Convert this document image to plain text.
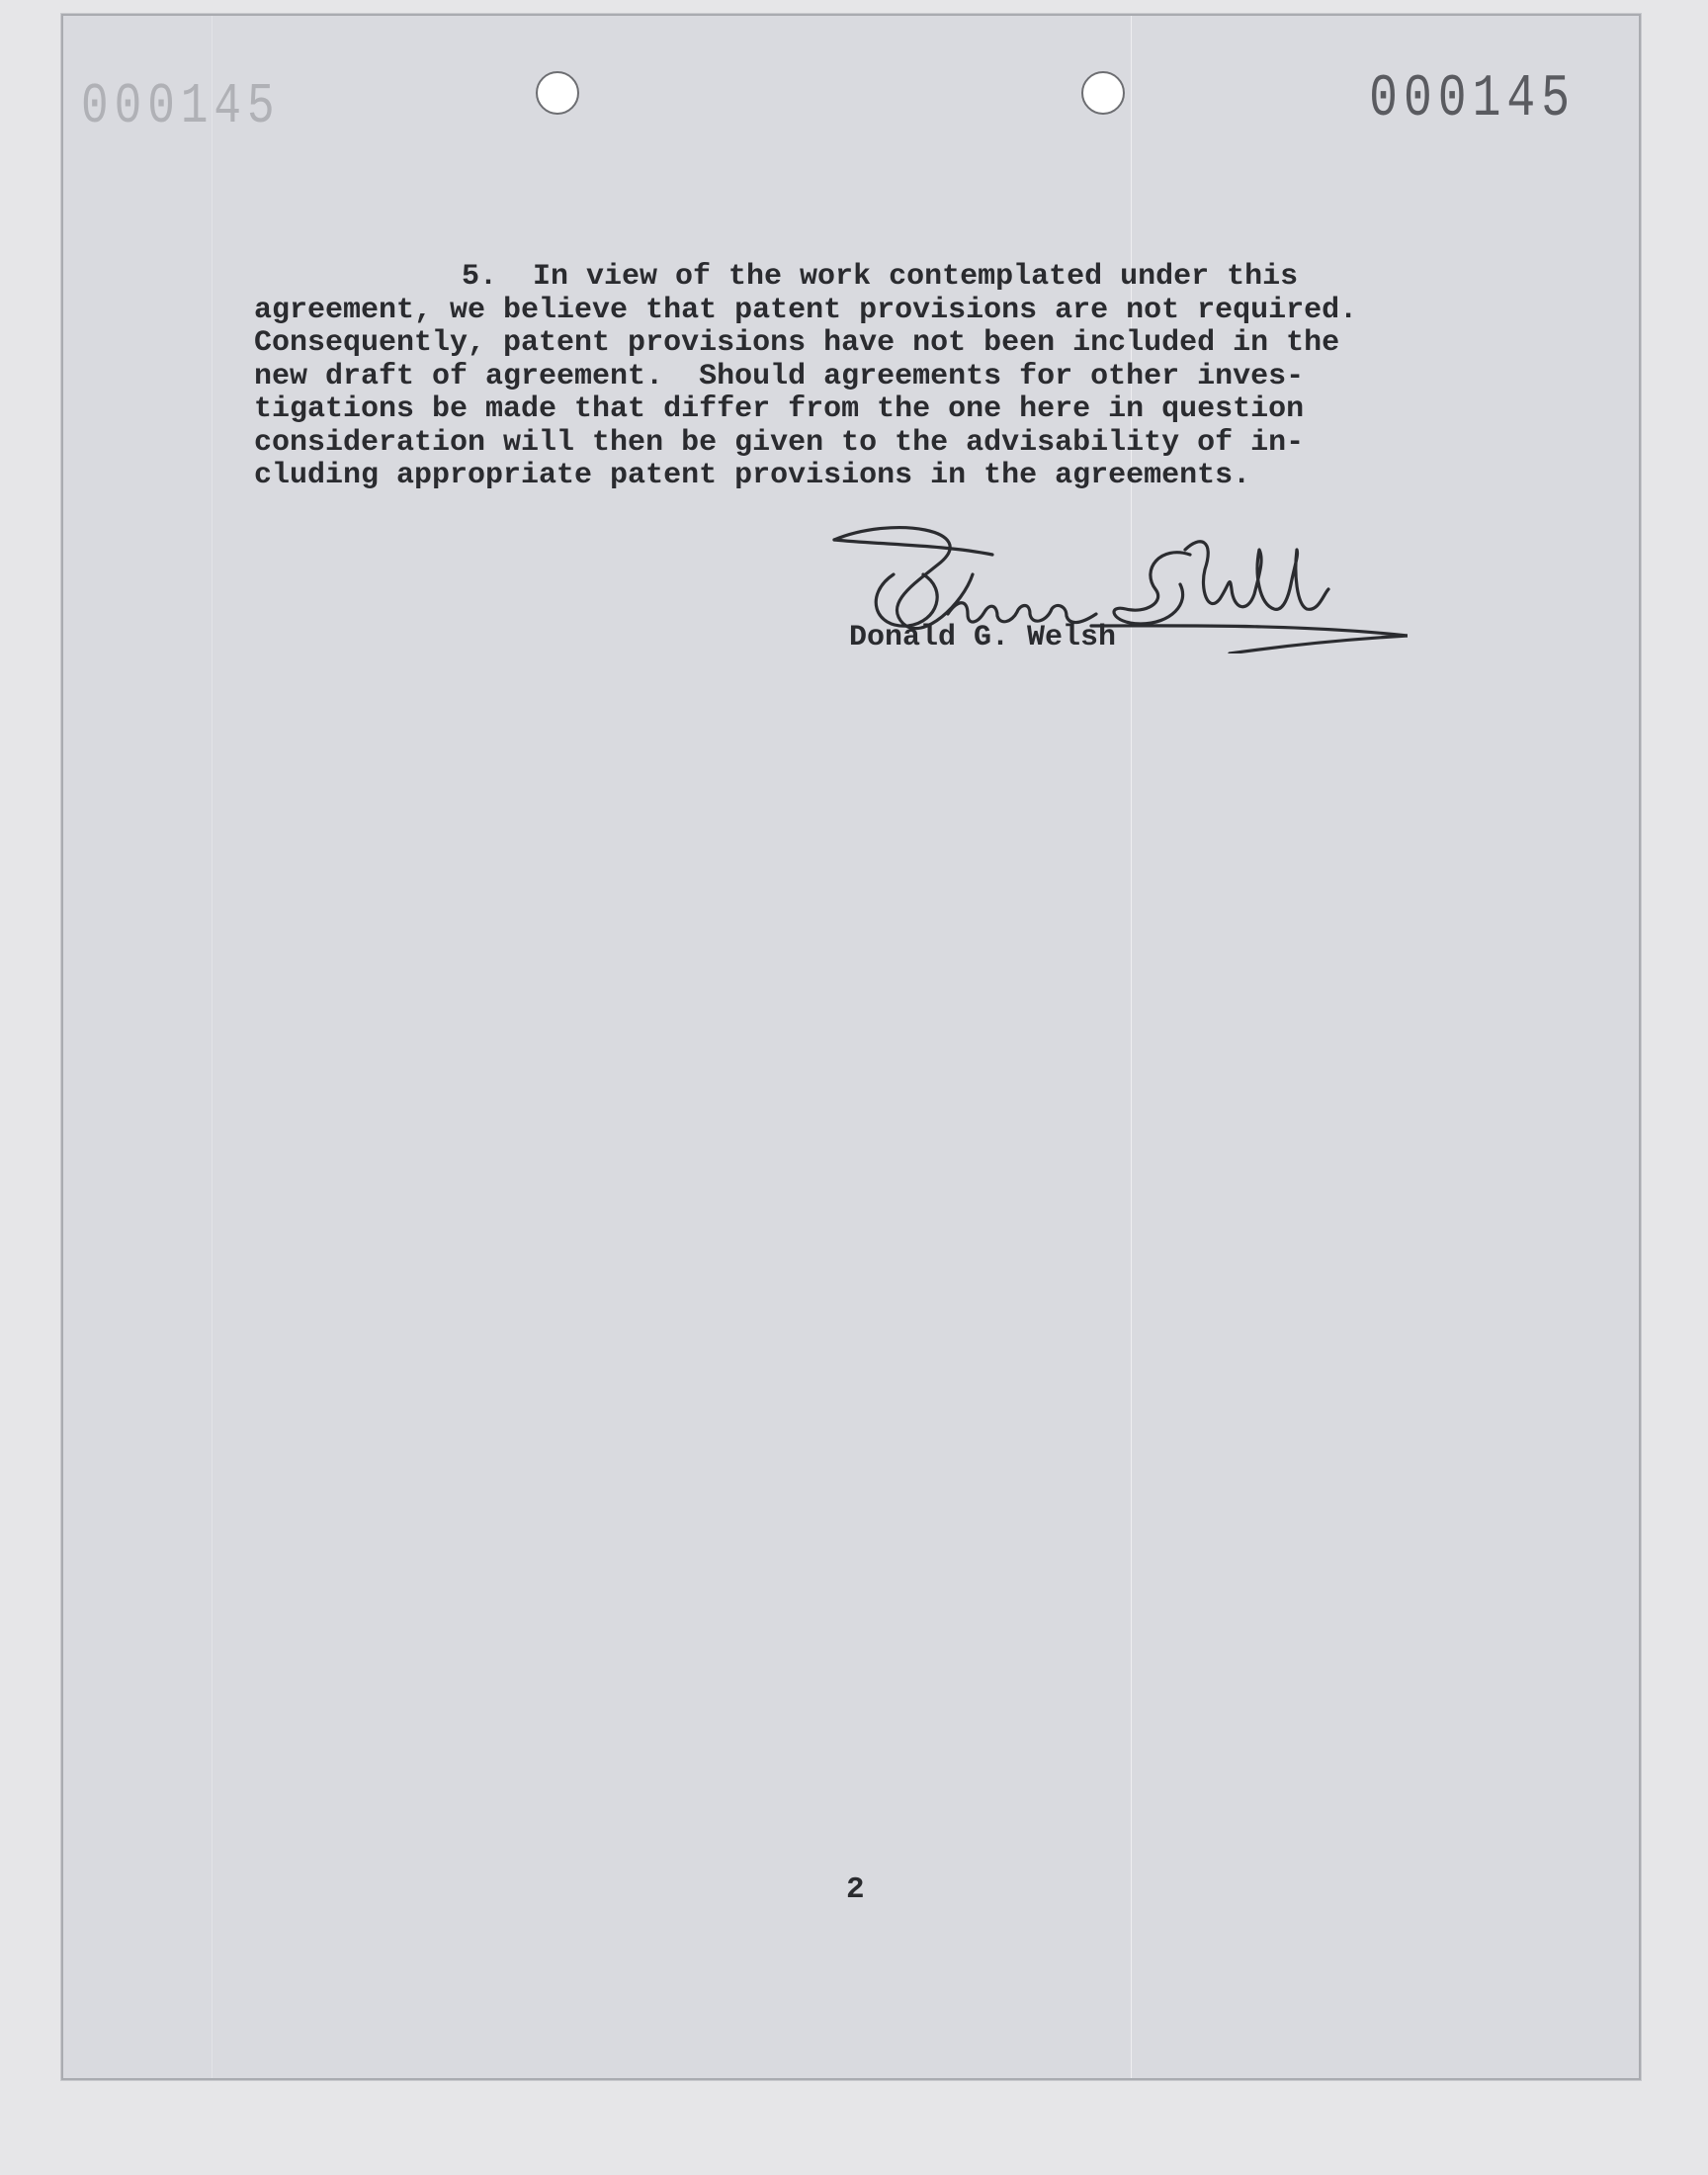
000145	000145
5.  In view of the work contemplated under this
agreement, we believe that patent provisions are not required.
Consequently, patent provisions have not been included in the
new draft of agreement.  Should agreements for other inves-
tigations be made that differ from the one here in question
consideration will then be given to the advisability of in-
cluding appropriate patent provisions in the agreements.
Donald G. Welsh
2
